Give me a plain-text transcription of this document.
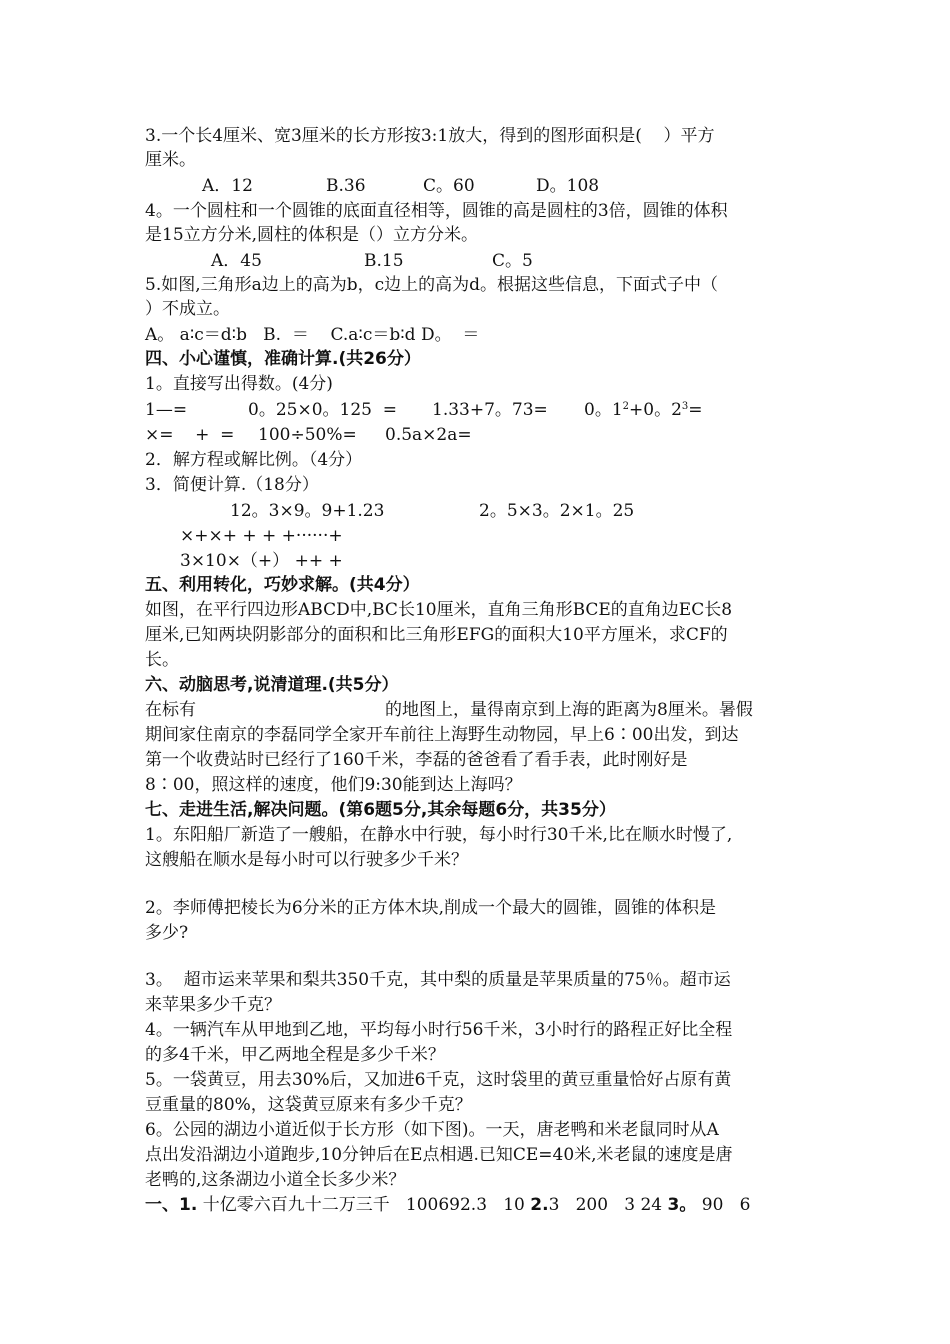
3.一个长4厘米、宽3厘米的长方形按3:1放大，得到的图形面积是(    ）平方
厘米。
A．12	B.36	C。60	D。108
4。一个圆柱和一个圆锥的底面直径相等，圆锥的高是圆柱的3倍，圆锥的体积
是15立方分米,圆柱的体积是（）立方分米。
A．45	B.15	C。5
5.如图,三角形a边上的高为b，c边上的高为d。根据这些信息，下面式子中（
）不成立。
A。 a∶c＝d∶b   B.  ＝    C.a∶c＝b∶d D。  ＝
四、小心谨慎，准确计算.(共26分）
1。直接写出得数。(4分)
1—=	0。25×0。125  = 1.33+7。73= 0。$1^2+0$。$2^3=$
×=    +  = 100÷50%= 0.5a×2a=
2．解方程或解比例。（4分）
3．简便计算.（18分）
12。3×9。9+1.23	2。5×3。2×1。25
×+×+ + + +······+
3×10×（+） ++ +
五、利用转化，巧妙求解。(共4分）
如图，在平行四边形ABCD中,BC长10厘米，直角三角形BCE的直角边EC长8
厘米,已知两块阴影部分的面积和比三角形EFG的面积大10平方厘米，求CF的
长。
六、动脑思考,说清道理.(共5分）
在标有	的地图上，量得南京到上海的距离为8厘米。暑假
期间家住南京的李磊同学全家开车前往上海野生动物园，早上6∶00出发，到达
第一个收费站时已经行了160千米，李磊的爸爸看了看手表，此时刚好是
8∶00，照这样的速度，他们9:30能到达上海吗？
七、走进生活,解决问题。(第6题5分,其余每题6分，共35分）
1。东阳船厂新造了一艘船，在静水中行驶，每小时行30千米,比在顺水时慢了,
这艘船在顺水是每小时可以行驶多少千米？
2。李师傅把棱长为6分米的正方体木块,削成一个最大的圆锥，圆锥的体积是
多少?
3。  超市运来苹果和梨共350千克，其中梨的质量是苹果质量的75％。超市运
来苹果多少千克？
4。一辆汽车从甲地到乙地，平均每小时行56千米，3小时行的路程正好比全程
的多4千米，甲乙两地全程是多少千米？
5。一袋黄豆，用去30%后，又加进6千克，这时袋里的黄豆重量恰好占原有黄
豆重量的80%，这袋黄豆原来有多少千克？
6。公园的湖边小道近似于长方形（如下图)。一天，唐老鸭和米老鼠同时从A
点出发沿湖边小道跑步,10分钟后在E点相遇.已知CE=40米,米老鼠的速度是唐
老鸭的,这条湖边小道全长多少米？
一、1. 十亿零六百九十二万三千   100692.3   10 2.3   200   3 24 3。 90   6
